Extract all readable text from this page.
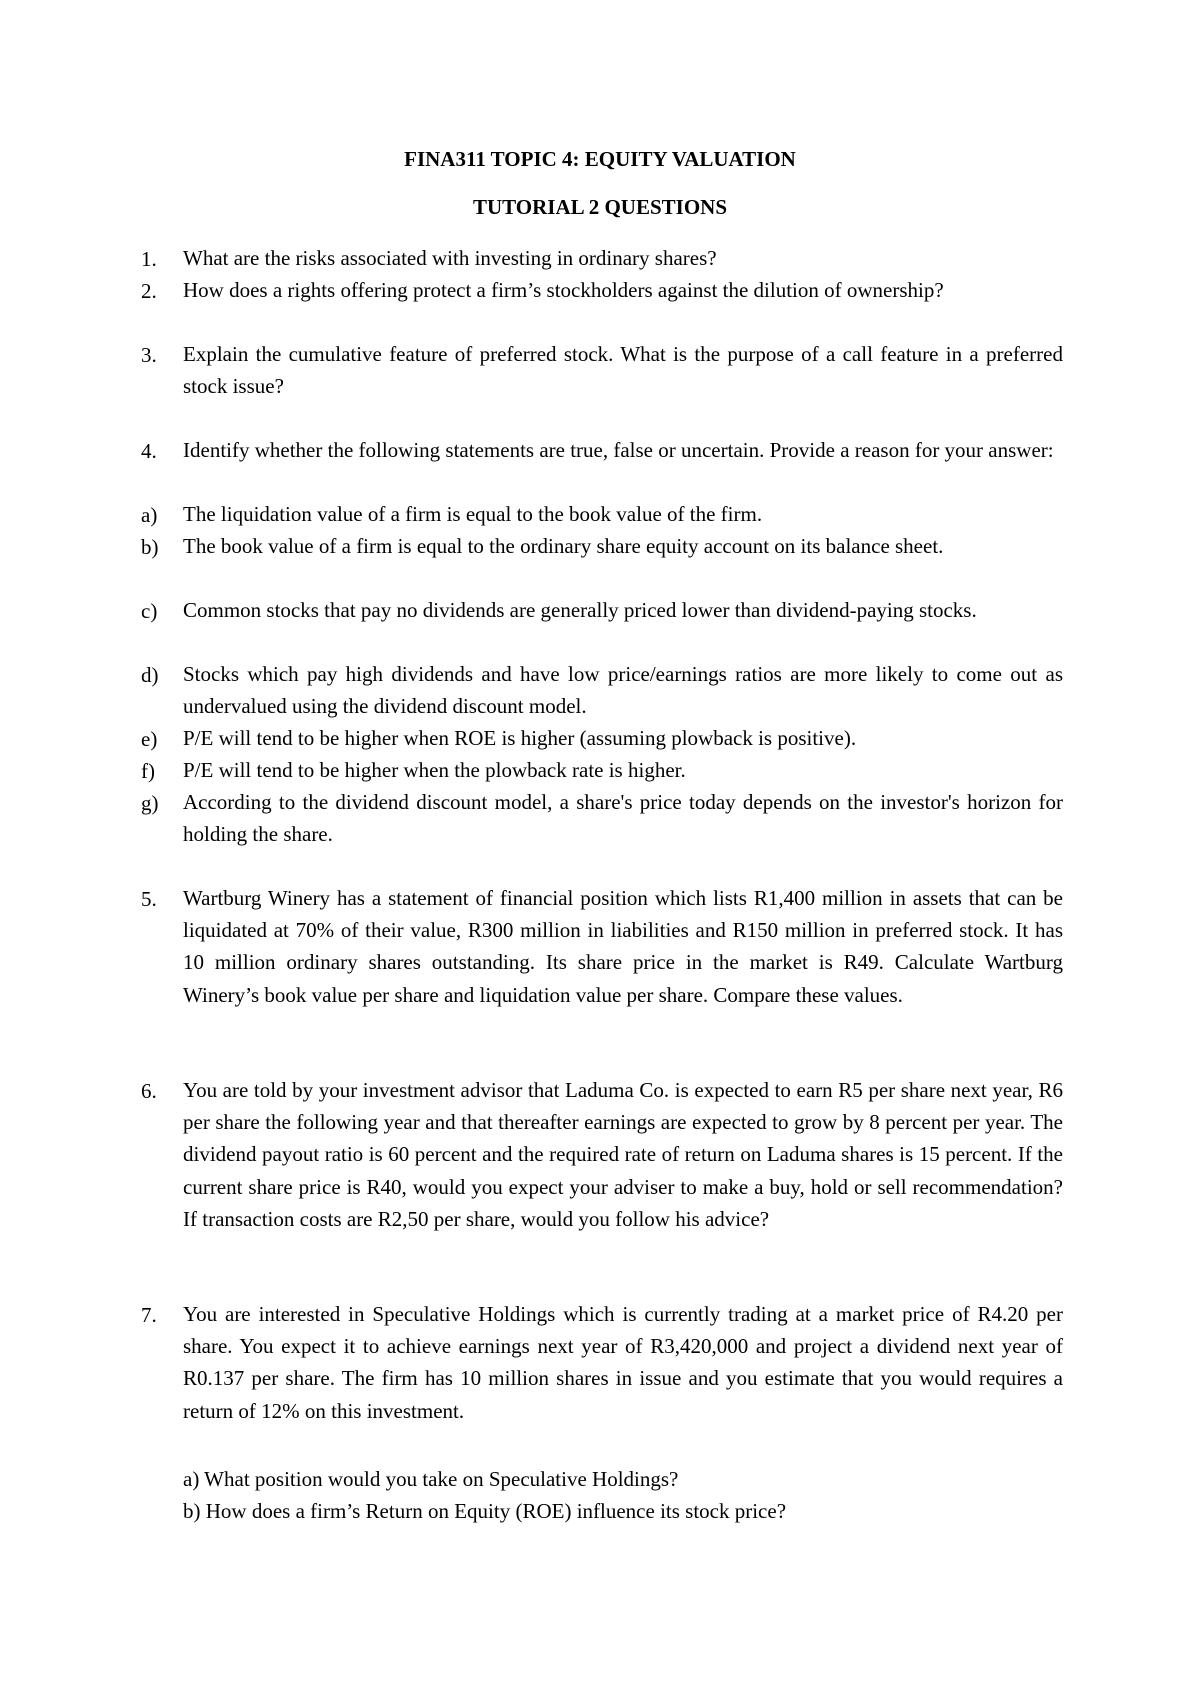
FINA311 TOPIC 4: EQUITY VALUATION
TUTORIAL 2 QUESTIONS
1.	What are the risks associated with investing in ordinary shares?
2.	How does a rights offering protect a firm’s stockholders against the dilution of ownership?
3.	Explain the cumulative feature of preferred stock. What is the purpose of a call feature in a preferred stock issue?
4.	Identify whether the following statements are true, false or uncertain. Provide a reason for your answer:
a)	The liquidation value of a firm is equal to the book value of the firm.
b)	The book value of a firm is equal to the ordinary share equity account on its balance sheet.
c)	Common stocks that pay no dividends are generally priced lower than dividend-paying stocks.
d)	Stocks which pay high dividends and have low price/earnings ratios are more likely to come out as undervalued using the dividend discount model.
e)	P/E will tend to be higher when ROE is higher (assuming plowback is positive).
f)	P/E will tend to be higher when the plowback rate is higher.
g)	According to the dividend discount model, a share's price today depends on the investor's horizon for holding the share.
5.	Wartburg Winery has a statement of financial position which lists R1,400 million in assets that can be liquidated at 70% of their value, R300 million in liabilities and R150 million in preferred stock. It has 10 million ordinary shares outstanding. Its share price in the market is R49. Calculate Wartburg Winery’s book value per share and liquidation value per share. Compare these values.
6.	You are told by your investment advisor that Laduma Co. is expected to earn R5 per share next year, R6 per share the following year and that thereafter earnings are expected to grow by 8 percent per year. The dividend payout ratio is 60 percent and the required rate of return on Laduma shares is 15 percent. If the current share price is R40, would you expect your adviser to make a buy, hold or sell recommendation? If transaction costs are R2,50 per share, would you follow his advice?
7.	You are interested in Speculative Holdings which is currently trading at a market price of R4.20 per share. You expect it to achieve earnings next year of R3,420,000 and project a dividend next year of R0.137 per share. The firm has 10 million shares in issue and you estimate that you would requires a return of 12% on this investment.
a) What position would you take on Speculative Holdings?
b) How does a firm’s Return on Equity (ROE) influence its stock price?
